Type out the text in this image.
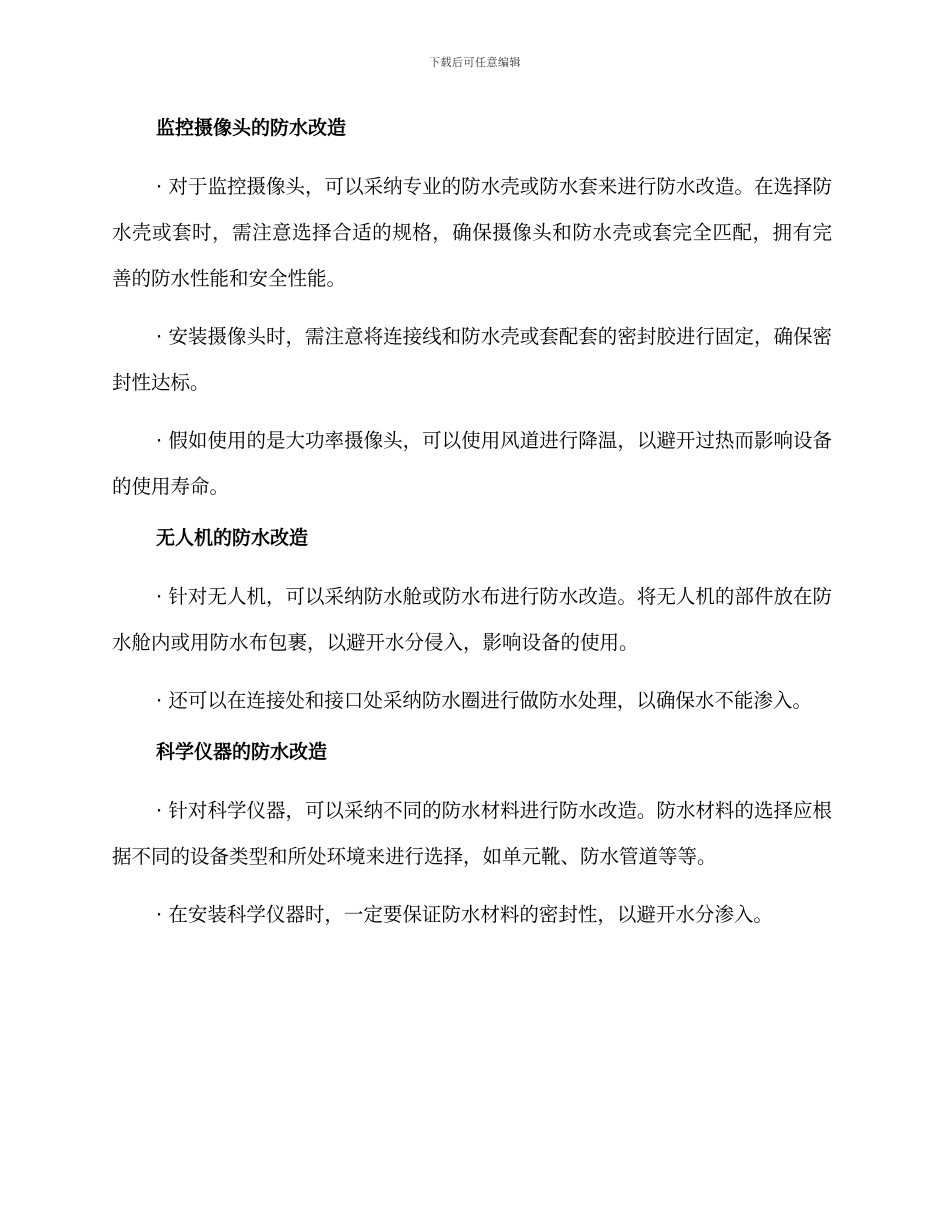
下载后可任意编辑
监控摄像头的防水改造

· 对于监控摄像头，可以采纳专业的防水壳或防水套来进行防水改造。在选择防水壳或套时，需注意选择合适的规格，确保摄像头和防水壳或套完全匹配，拥有完善的防水性能和安全性能。

· 安装摄像头时，需注意将连接线和防水壳或套配套的密封胶进行固定，确保密封性达标。

· 假如使用的是大功率摄像头，可以使用风道进行降温，以避开过热而影响设备的使用寿命。

无人机的防水改造

· 针对无人机，可以采纳防水舱或防水布进行防水改造。将无人机的部件放在防水舱内或用防水布包裹，以避开水分侵入，影响设备的使用。

· 还可以在连接处和接口处采纳防水圈进行做防水处理，以确保水不能渗入。

科学仪器的防水改造

· 针对科学仪器，可以采纳不同的防水材料进行防水改造。防水材料的选择应根据不同的设备类型和所处环境来进行选择，如单元靴、防水管道等等。

· 在安装科学仪器时，一定要保证防水材料的密封性，以避开水分渗入。
